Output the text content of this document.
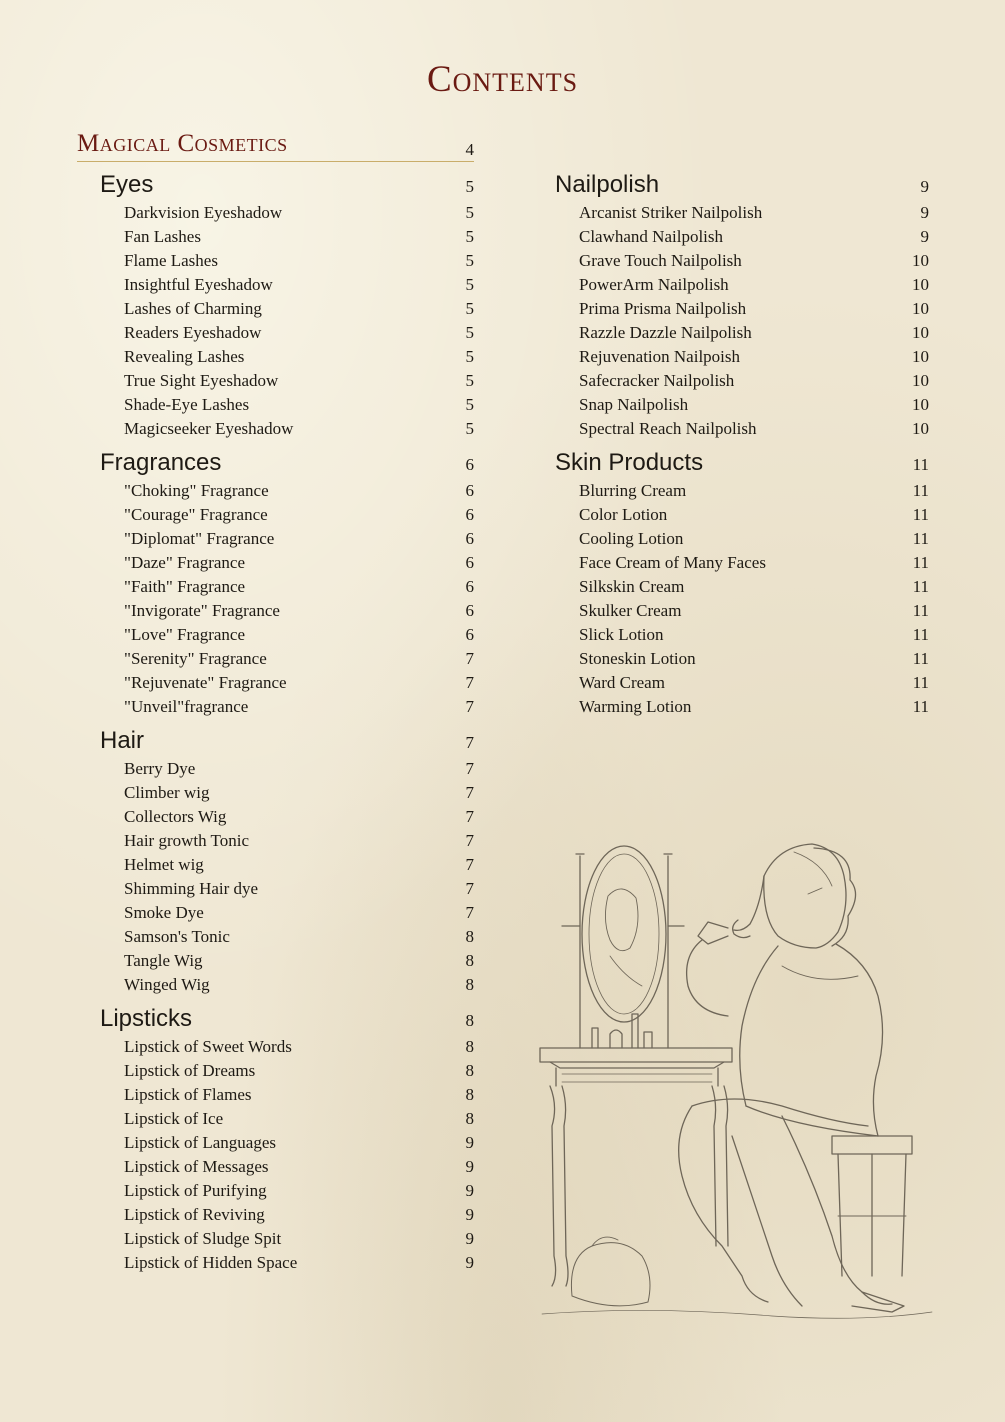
Contents
Magical Cosmetics	4
Eyes	5
Darkvision Eyeshadow	5
Fan Lashes	5
Flame Lashes	5
Insightful Eyeshadow	5
Lashes of Charming	5
Readers Eyeshadow	5
Revealing Lashes	5
True Sight Eyeshadow	5
Shade-Eye Lashes	5
Magicseeker Eyeshadow	5
Fragrances	6
"Choking" Fragrance	6
"Courage" Fragrance	6
"Diplomat" Fragrance	6
"Daze" Fragrance	6
"Faith" Fragrance	6
"Invigorate" Fragrance	6
"Love" Fragrance	6
"Serenity" Fragrance	7
"Rejuvenate" Fragrance	7
"Unveil"fragrance	7
Hair	7
Berry Dye	7
Climber wig	7
Collectors Wig	7
Hair growth Tonic	7
Helmet wig	7
Shimming Hair dye	7
Smoke Dye	7
Samson's Tonic	8
Tangle Wig	8
Winged Wig	8
Lipsticks	8
Lipstick of Sweet Words	8
Lipstick of Dreams	8
Lipstick of Flames	8
Lipstick of Ice	8
Lipstick of Languages	9
Lipstick of Messages	9
Lipstick of Purifying	9
Lipstick of Reviving	9
Lipstick of Sludge Spit	9
Lipstick of Hidden Space	9
Nailpolish	9
Arcanist Striker Nailpolish	9
Clawhand Nailpolish	9
Grave Touch Nailpolish	10
PowerArm Nailpolish	10
Prima Prisma Nailpolish	10
Razzle Dazzle Nailpolish	10
Rejuvenation Nailpoish	10
Safecracker Nailpolish	10
Snap Nailpolish	10
Spectral Reach Nailpolish	10
Skin Products	11
Blurring Cream	11
Color Lotion	11
Cooling Lotion	11
Face Cream of Many Faces	11
Silkskin Cream	11
Skulker Cream	11
Slick Lotion	11
Stoneskin Lotion	11
Ward Cream	11
Warming Lotion	11
